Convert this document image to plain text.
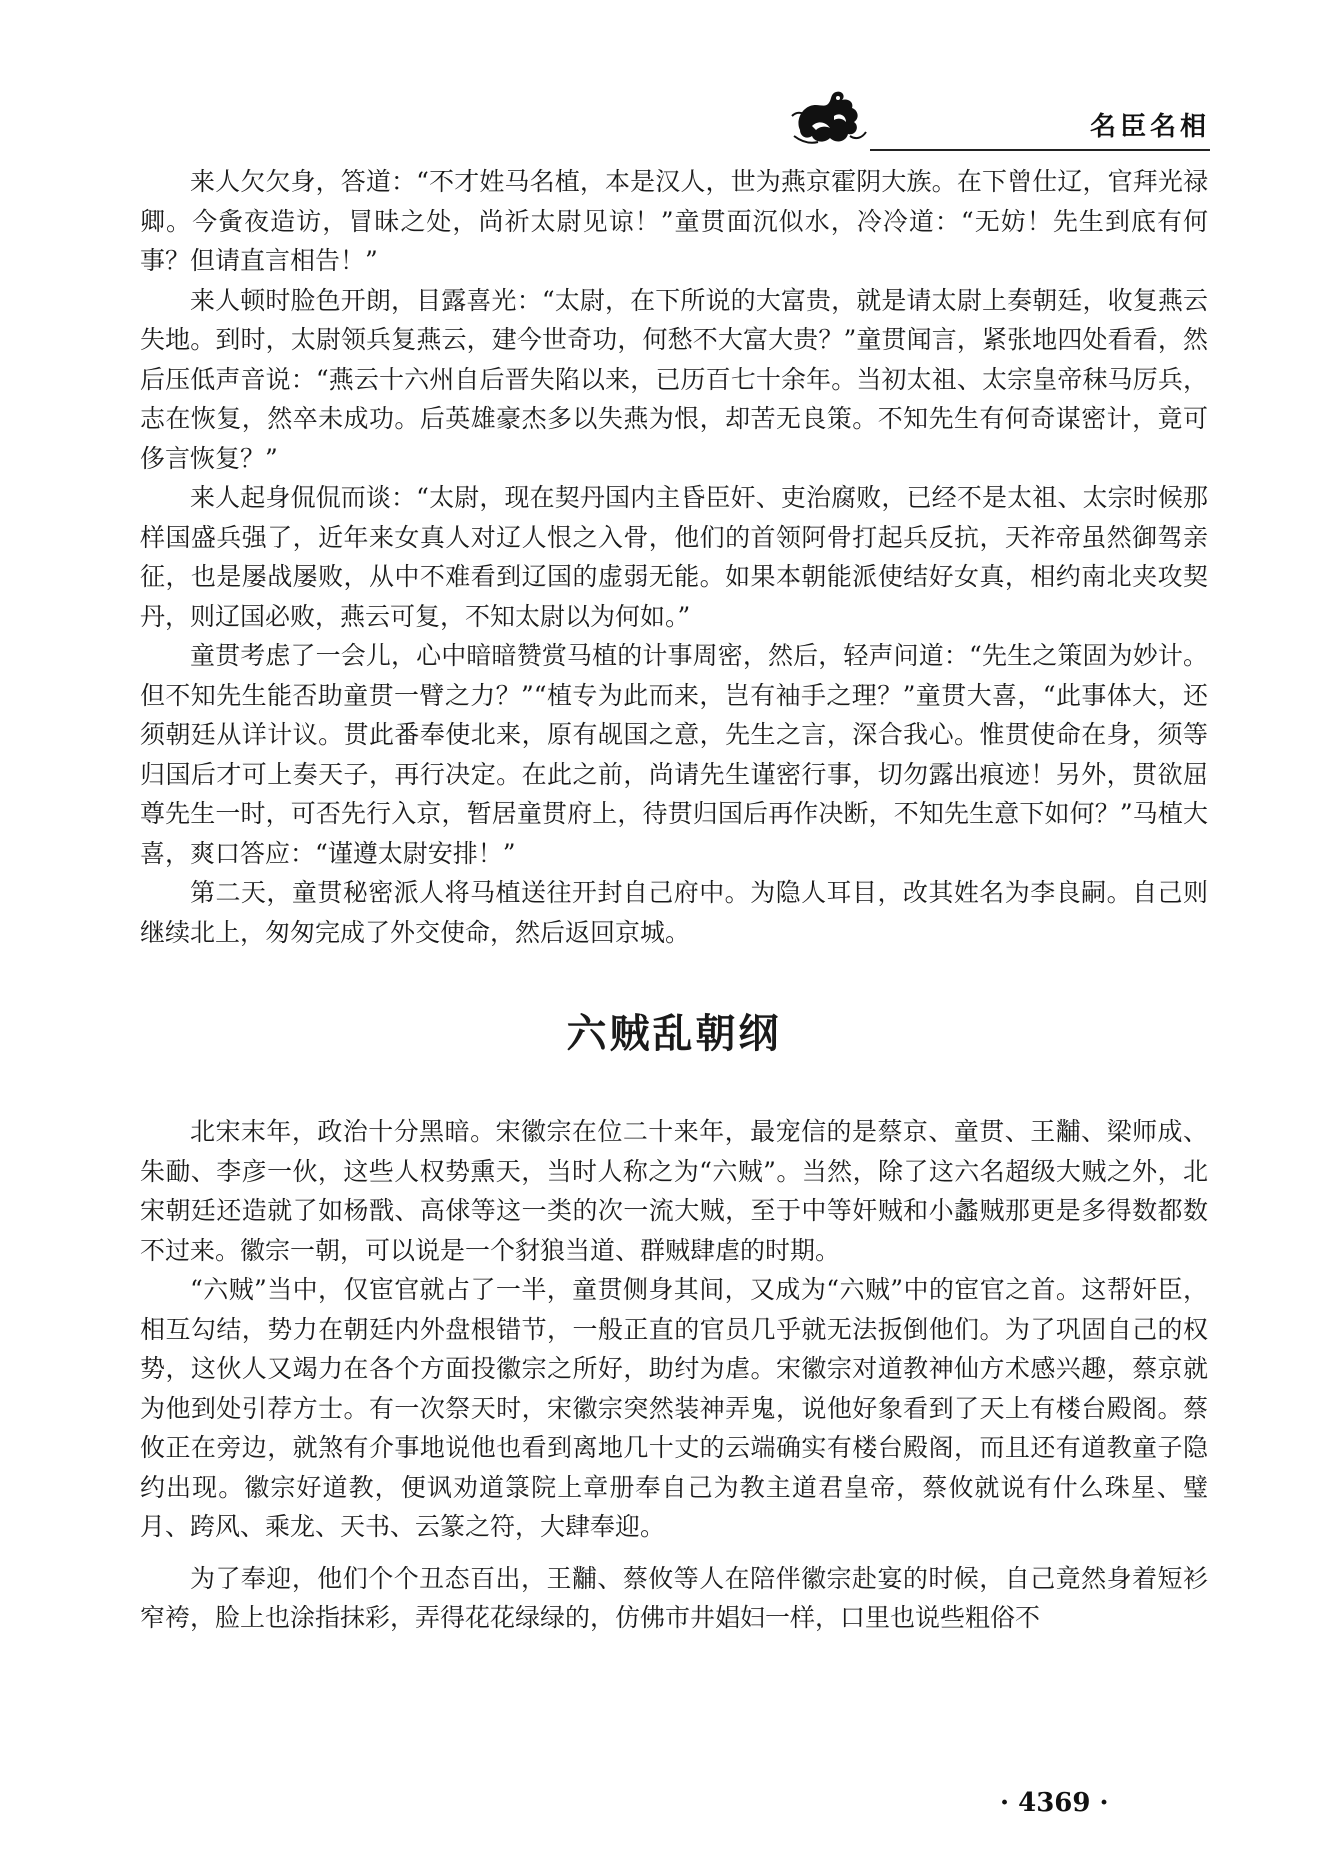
名臣名相

来人欠欠身，答道：“不才姓马名植，本是汉人，世为燕京霍阴大族。在下曾仕辽，官拜光禄卿。今夤夜造访，冒昧之处，尚祈太尉见谅！”童贯面沉似水，冷冷道：“无妨！先生到底有何事？但请直言相告！”

来人顿时脸色开朗，目露喜光：“太尉，在下所说的大富贵，就是请太尉上奏朝廷，收复燕云失地。到时，太尉领兵复燕云，建今世奇功，何愁不大富大贵？”童贯闻言，紧张地四处看看，然后压低声音说：“燕云十六州自后晋失陷以来，已历百七十余年。当初太祖、太宗皇帝秣马厉兵，志在恢复，然卒未成功。后英雄豪杰多以失燕为恨，却苦无良策。不知先生有何奇谋密计，竟可侈言恢复？”

来人起身侃侃而谈：“太尉，现在契丹国内主昏臣奸、吏治腐败，已经不是太祖、太宗时候那样国盛兵强了，近年来女真人对辽人恨之入骨，他们的首领阿骨打起兵反抗，天祚帝虽然御驾亲征，也是屡战屡败，从中不难看到辽国的虚弱无能。如果本朝能派使结好女真，相约南北夹攻契丹，则辽国必败，燕云可复，不知太尉以为何如。”

童贯考虑了一会儿，心中暗暗赞赏马植的计事周密，然后，轻声问道：“先生之策固为妙计。但不知先生能否助童贯一臂之力？”“植专为此而来，岂有袖手之理？”童贯大喜，“此事体大，还须朝廷从详计议。贯此番奉使北来，原有觇国之意，先生之言，深合我心。惟贯使命在身，须等归国后才可上奏天子，再行决定。在此之前，尚请先生谨密行事，切勿露出痕迹！另外，贯欲屈尊先生一时，可否先行入京，暂居童贯府上，待贯归国后再作决断，不知先生意下如何？”马植大喜，爽口答应：“谨遵太尉安排！”

第二天，童贯秘密派人将马植送往开封自己府中。为隐人耳目，改其姓名为李良嗣。自己则继续北上，匆匆完成了外交使命，然后返回京城。

六贼乱朝纲

北宋末年，政治十分黑暗。宋徽宗在位二十来年，最宠信的是蔡京、童贯、王黼、梁师成、朱勔、李彦一伙，这些人权势熏天，当时人称之为“六贼”。当然，除了这六名超级大贼之外，北宋朝廷还造就了如杨戬、高俅等这一类的次一流大贼，至于中等奸贼和小蠡贼那更是多得数都数不过来。徽宗一朝，可以说是一个豺狼当道、群贼肆虐的时期。

“六贼”当中，仅宦官就占了一半，童贯侧身其间，又成为“六贼”中的宦官之首。这帮奸臣，相互勾结，势力在朝廷内外盘根错节，一般正直的官员几乎就无法扳倒他们。为了巩固自己的权势，这伙人又竭力在各个方面投徽宗之所好，助纣为虐。宋徽宗对道教神仙方术感兴趣，蔡京就为他到处引荐方士。有一次祭天时，宋徽宗突然装神弄鬼，说他好象看到了天上有楼台殿阁。蔡攸正在旁边，就煞有介事地说他也看到离地几十丈的云端确实有楼台殿阁，而且还有道教童子隐约出现。徽宗好道教，便讽劝道箓院上章册奉自己为教主道君皇帝，蔡攸就说有什么珠星、璧月、跨风、乘龙、天书、云篆之符，大肆奉迎。

为了奉迎，他们个个丑态百出，王黼、蔡攸等人在陪伴徽宗赴宴的时候，自己竟然身着短衫窄袴，脸上也涂指抹彩，弄得花花绿绿的，仿佛市井娼妇一样，口里也说些粗俗不

· 4369 ·
